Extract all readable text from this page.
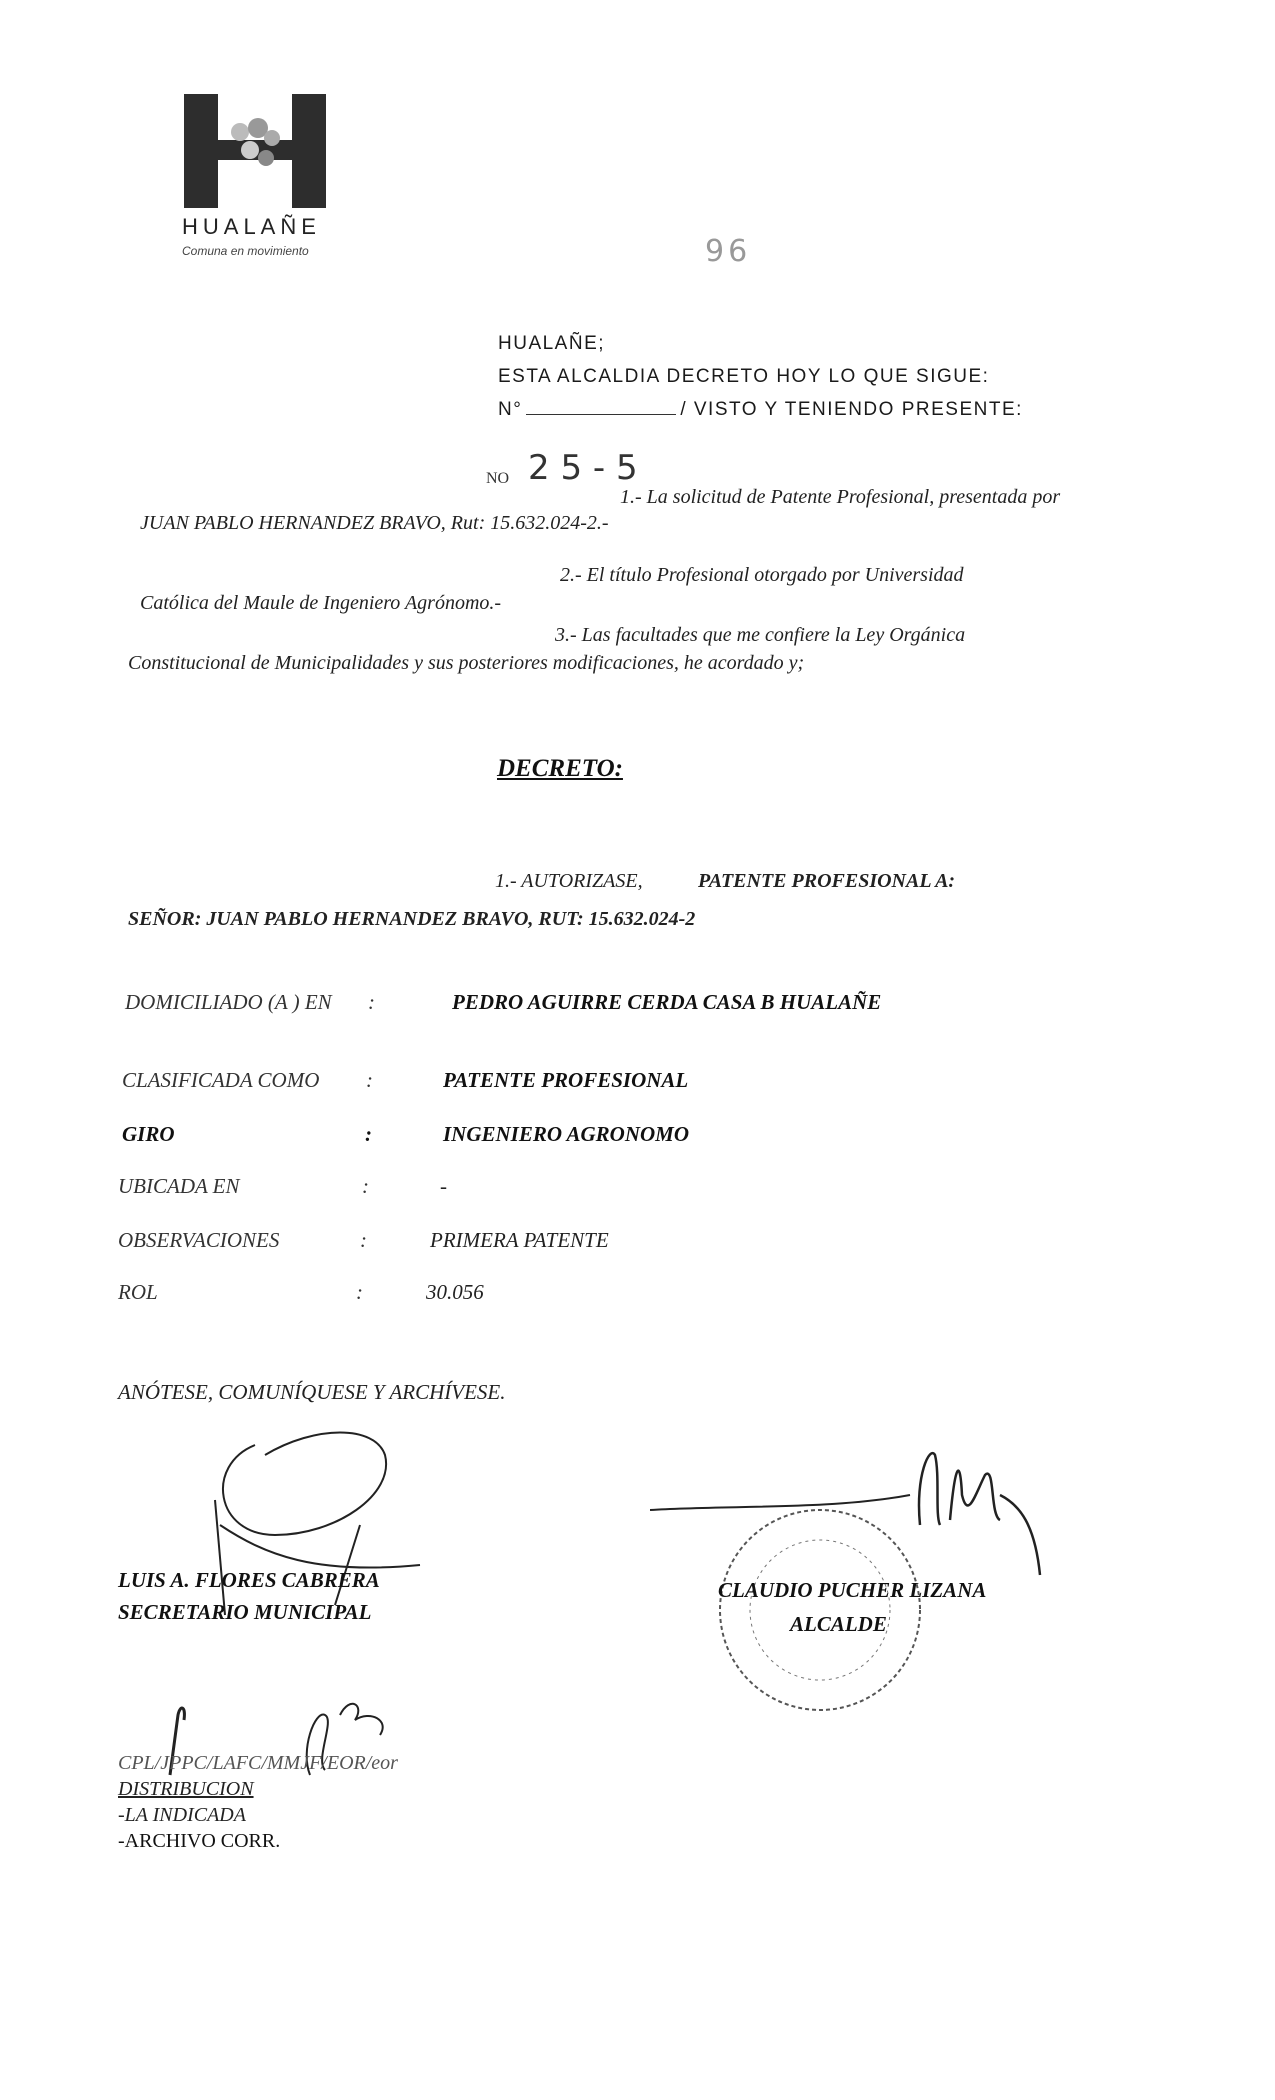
HUALAÑE
Comuna en movimiento	96
HUALAÑE;
ESTA ALCALDIA DECRETO HOY LO QUE SIGUE:
N°	/ VISTO Y TENIENDO PRESENTE:
NO 2 5 - 5
1.- La solicitud de Patente Profesional, presentada por
JUAN PABLO HERNANDEZ BRAVO, Rut: 15.632.024-2.-
2.- El título Profesional otorgado por Universidad
Católica del Maule de Ingeniero Agrónomo.-
3.- Las facultades que me confiere la Ley Orgánica
Constitucional de Municipalidades y sus posteriores modificaciones, he acordado y;
DECRETO:
1.- AUTORIZASE,	PATENTE PROFESIONAL A:
SEÑOR: JUAN PABLO HERNANDEZ BRAVO, RUT: 15.632.024-2
DOMICILIADO (A ) EN :	PEDRO AGUIRRE CERDA CASA B HUALAÑE
CLASIFICADA COMO :	PATENTE PROFESIONAL
GIRO	:	INGENIERO AGRONOMO
UBICADA EN	:	-
OBSERVACIONES	:	PRIMERA PATENTE
ROL	:	30.056
ANÓTESE, COMUNÍQUESE Y ARCHÍVESE.
LUIS A. FLORES CABRERA
SECRETARIO MUNICIPAL
CLAUDIO PUCHER LIZANA
ALCALDE
CPL/JPPC/LAFC/MMJF/EOR/eor
DISTRIBUCION
-LA INDICADA
-ARCHIVO CORR.
